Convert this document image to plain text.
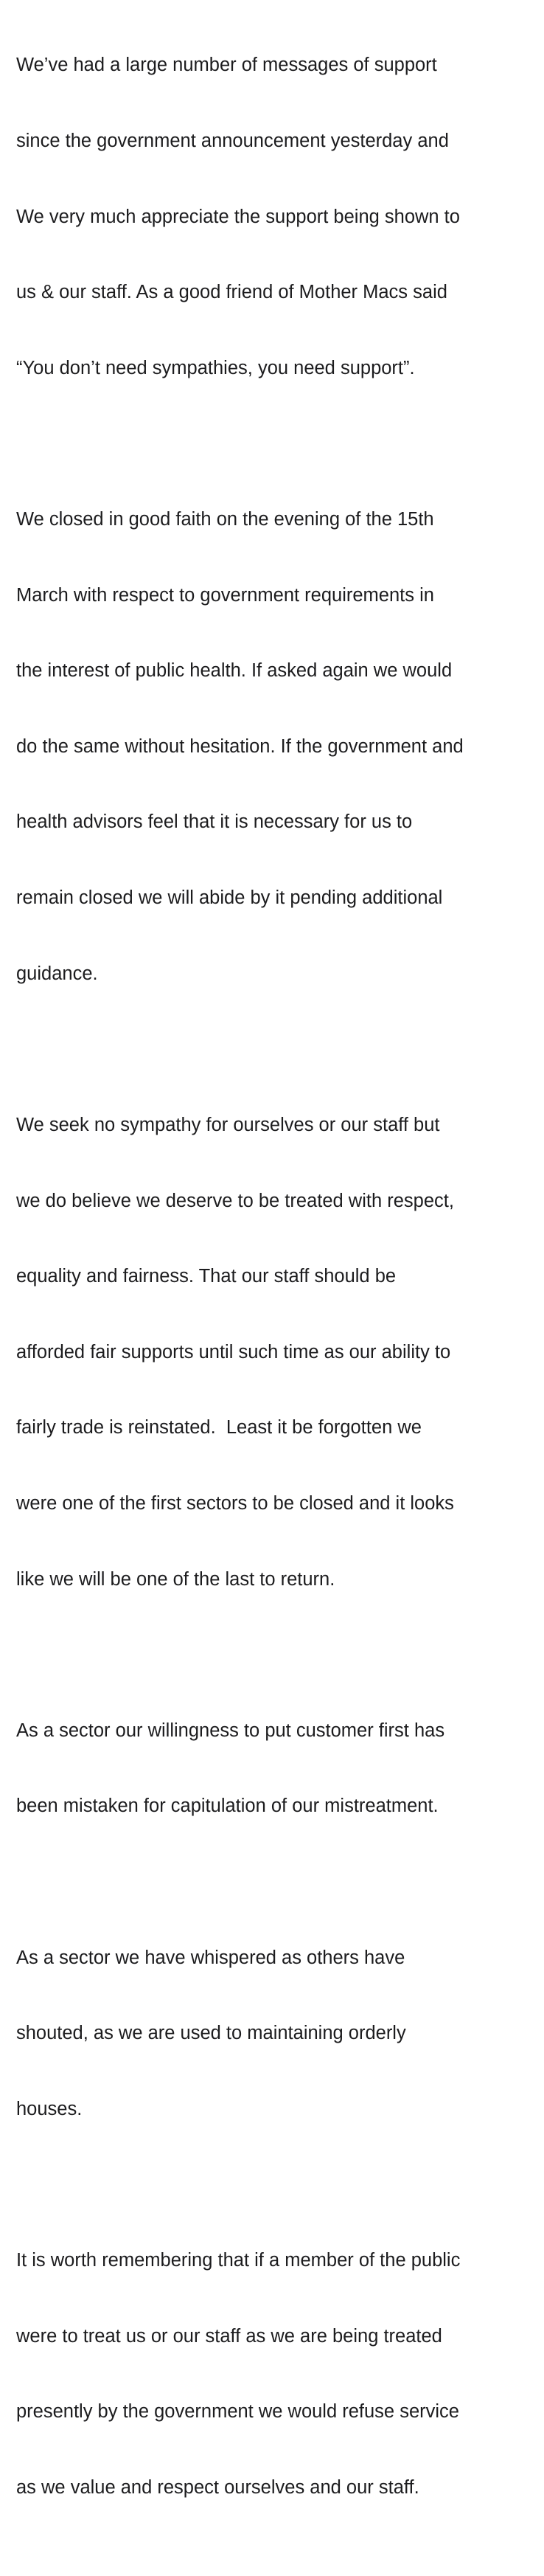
We’ve had a large number of messages of support

since the government announcement yesterday and

We very much appreciate the support being shown to

us & our staff. As a good friend of Mother Macs said

“You don’t need sympathies, you need support”.

We closed in good faith on the evening of the 15th

March with respect to government requirements in

the interest of public health. If asked again we would

do the same without hesitation. If the government and

health advisors feel that it is necessary for us to

remain closed we will abide by it pending additional

guidance.

We seek no sympathy for ourselves or our staff but

we do believe we deserve to be treated with respect,

equality and fairness. That our staff should be

afforded fair supports until such time as our ability to

fairly trade is reinstated.  Least it be forgotten we

were one of the first sectors to be closed and it looks

like we will be one of the last to return.

As a sector our willingness to put customer first has

been mistaken for capitulation of our mistreatment.

As a sector we have whispered as others have

shouted, as we are used to maintaining orderly

houses.

It is worth remembering that if a member of the public

were to treat us or our staff as we are being treated

presently by the government we would refuse service

as we value and respect ourselves and our staff.
